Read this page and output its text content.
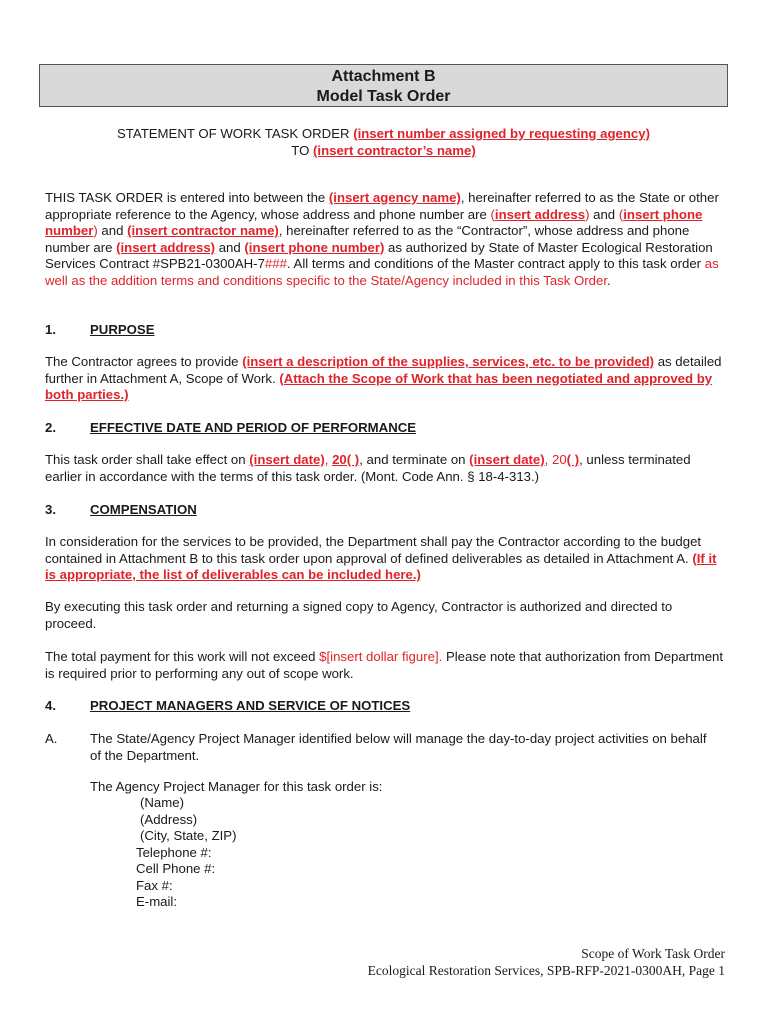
Attachment B
Model Task Order
STATEMENT OF WORK TASK ORDER (insert number assigned by requesting agency)
TO (insert contractor’s name)
THIS TASK ORDER is entered into between the (insert agency name), hereinafter referred to as the State or other appropriate reference to the Agency, whose address and phone number are (insert address) and (insert phone number) and (insert contractor name), hereinafter referred to as the “Contractor”, whose address and phone number are (insert address) and (insert phone number) as authorized by State of Master Ecological Restoration Services Contract #SPB21-0300AH-7###. All terms and conditions of the Master contract apply to this task order as well as the addition terms and conditions specific to the State/Agency included in this Task Order.
1.	PURPOSE
The Contractor agrees to provide (insert a description of the supplies, services, etc. to be provided) as detailed further in Attachment A, Scope of Work. (Attach the Scope of Work that has been negotiated and approved by both parties.)
2.	EFFECTIVE DATE AND PERIOD OF PERFORMANCE
This task order shall take effect on (insert date), 20( ), and terminate on (insert date), 20( ), unless terminated earlier in accordance with the terms of this task order. (Mont. Code Ann. § 18-4-313.)
3.	COMPENSATION
In consideration for the services to be provided, the Department shall pay the Contractor according to the budget contained in Attachment B to this task order upon approval of defined deliverables as detailed in Attachment A. (If it is appropriate, the list of deliverables can be included here.)
By executing this task order and returning a signed copy to Agency, Contractor is authorized and directed to proceed.
The total payment for this work will not exceed $[insert dollar figure]. Please note that authorization from Department is required prior to performing any out of scope work.
4.	PROJECT MANAGERS AND SERVICE OF NOTICES
A. The State/Agency Project Manager identified below will manage the day-to-day project activities on behalf of the Department.
The Agency Project Manager for this task order is:
(Name)
(Address)
(City, State, ZIP)
Telephone #:
Cell Phone #:
Fax #:
E-mail:
Scope of Work Task Order
Ecological Restoration Services, SPB-RFP-2021-0300AH, Page 1
